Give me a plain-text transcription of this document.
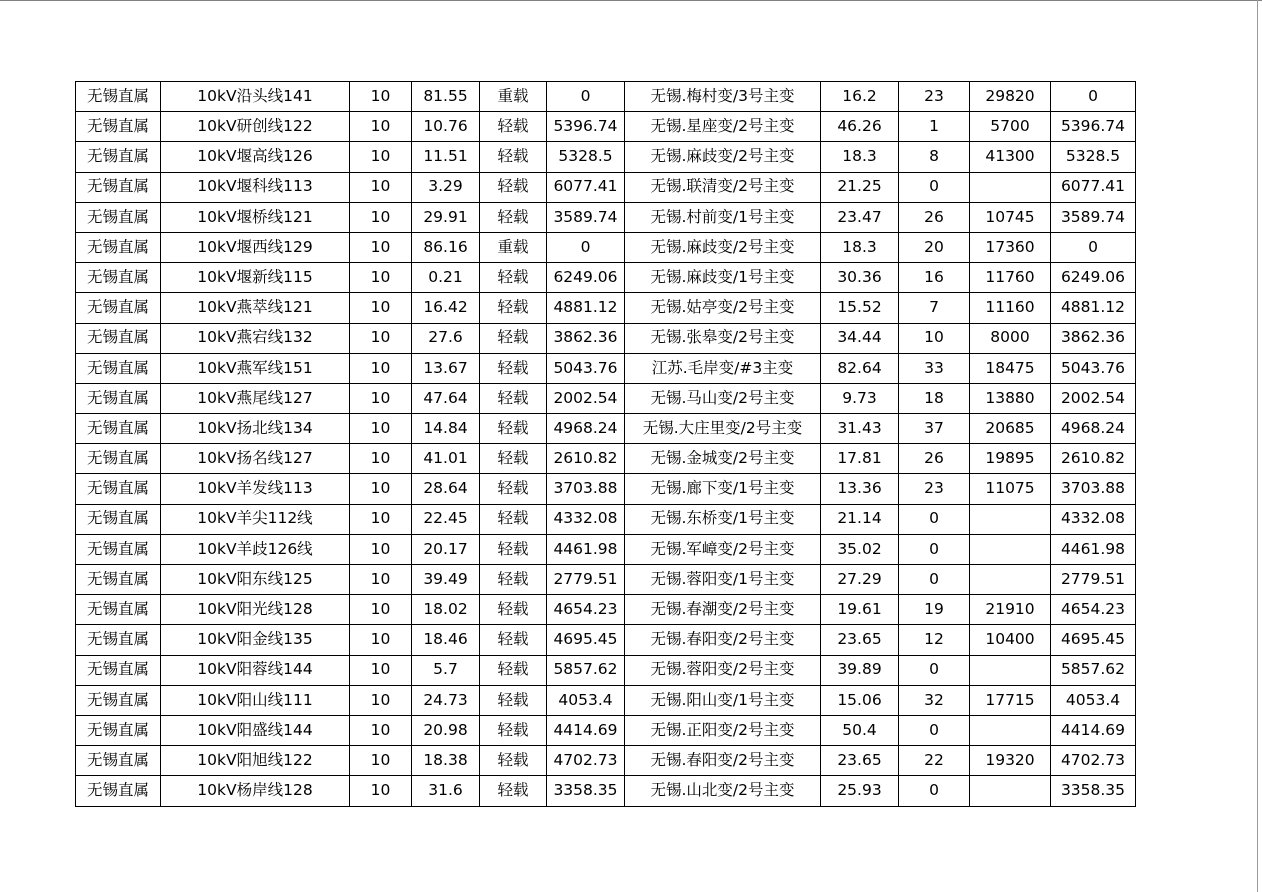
无锡直属	10kV沿头线141	10	81.55	重载	0	无锡.梅村变/3号主变	16.2	23	29820	0
无锡直属	10kV研创线122	10	10.76	轻载	5396.74	无锡.星座变/2号主变	46.26	1	5700	5396.74
无锡直属	10kV堰高线126	10	11.51	轻载	5328.5	无锡.麻歧变/2号主变	18.3	8	41300	5328.5
无锡直属	10kV堰科线113	10	3.29	轻载	6077.41	无锡.联清变/2号主变	21.25	0		6077.41
无锡直属	10kV堰桥线121	10	29.91	轻载	3589.74	无锡.村前变/1号主变	23.47	26	10745	3589.74
无锡直属	10kV堰西线129	10	86.16	重载	0	无锡.麻歧变/2号主变	18.3	20	17360	0
无锡直属	10kV堰新线115	10	0.21	轻载	6249.06	无锡.麻歧变/1号主变	30.36	16	11760	6249.06
无锡直属	10kV燕萃线121	10	16.42	轻载	4881.12	无锡.姑亭变/2号主变	15.52	7	11160	4881.12
无锡直属	10kV燕宕线132	10	27.6	轻载	3862.36	无锡.张皋变/2号主变	34.44	10	8000	3862.36
无锡直属	10kV燕军线151	10	13.67	轻载	5043.76	江苏.毛岸变/#3主变	82.64	33	18475	5043.76
无锡直属	10kV燕尾线127	10	47.64	轻载	2002.54	无锡.马山变/2号主变	9.73	18	13880	2002.54
无锡直属	10kV扬北线134	10	14.84	轻载	4968.24	无锡.大庄里变/2号主变	31.43	37	20685	4968.24
无锡直属	10kV扬名线127	10	41.01	轻载	2610.82	无锡.金城变/2号主变	17.81	26	19895	2610.82
无锡直属	10kV羊发线113	10	28.64	轻载	3703.88	无锡.廊下变/1号主变	13.36	23	11075	3703.88
无锡直属	10kV羊尖112线	10	22.45	轻载	4332.08	无锡.东桥变/1号主变	21.14	0		4332.08
无锡直属	10kV羊歧126线	10	20.17	轻载	4461.98	无锡.军嶂变/2号主变	35.02	0		4461.98
无锡直属	10kV阳东线125	10	39.49	轻载	2779.51	无锡.蓉阳变/1号主变	27.29	0		2779.51
无锡直属	10kV阳光线128	10	18.02	轻载	4654.23	无锡.春潮变/2号主变	19.61	19	21910	4654.23
无锡直属	10kV阳金线135	10	18.46	轻载	4695.45	无锡.春阳变/2号主变	23.65	12	10400	4695.45
无锡直属	10kV阳蓉线144	10	5.7	轻载	5857.62	无锡.蓉阳变/2号主变	39.89	0		5857.62
无锡直属	10kV阳山线111	10	24.73	轻载	4053.4	无锡.阳山变/1号主变	15.06	32	17715	4053.4
无锡直属	10kV阳盛线144	10	20.98	轻载	4414.69	无锡.正阳变/2号主变	50.4	0		4414.69
无锡直属	10kV阳旭线122	10	18.38	轻载	4702.73	无锡.春阳变/2号主变	23.65	22	19320	4702.73
无锡直属	10kV杨岸线128	10	31.6	轻载	3358.35	无锡.山北变/2号主变	25.93	0		3358.35
